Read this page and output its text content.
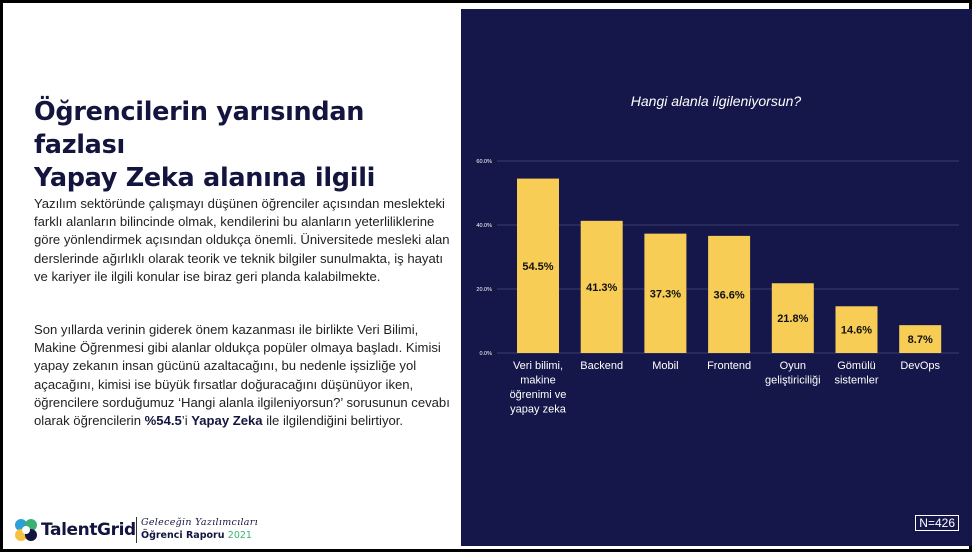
Öğrencilerin yarısından fazlası
Yapay Zeka alanına ilgili

Yazılım sektöründe çalışmayı düşünen öğrenciler açısından meslekteki farklı alanların bilincinde olmak, kendilerini bu alanların yeterliliklerine göre yönlendirmek açısından oldukça önemli. Üniversitede mesleki alan derslerinde ağırlıklı olarak teorik ve teknik bilgiler sunulmakta, iş hayatı ve kariyer ile ilgili konular ise biraz geri planda kalabilmekte.

Son yıllarda verinin giderek önem kazanması ile birlikte Veri Bilimi, Makine Öğrenmesi gibi alanlar oldukça popüler olmaya başladı. Kimisi yapay zekanın insan gücünü azaltacağını, bu nedenle işsizliğe yol açacağını, kimisi ise büyük fırsatlar doğuracağını düşünüyor iken, öğrencilere sorduğumuz ‘Hangi alanla ilgileniyorsun?’ sorusunun cevabı olarak öğrencilerin %54.5’i Yapay Zeka ile ilgilendiğini belirtiyor.

TalentGrid Geleceğin Yazılımcıları
Öğrenci Raporu 2021
Hangi alanla ilgileniyorsun?
0.0%
20.0%
40.0%
60.0%
54.5%
Veri bilimi,
makine
öğrenimi ve
yapay zeka
41.3%
Backend
37.3%
Mobil
36.6%
Frontend
21.8%
Oyun
geliştiriciliği
14.6%
Gömülü
sistemler
8.7%
DevOps
N=426
